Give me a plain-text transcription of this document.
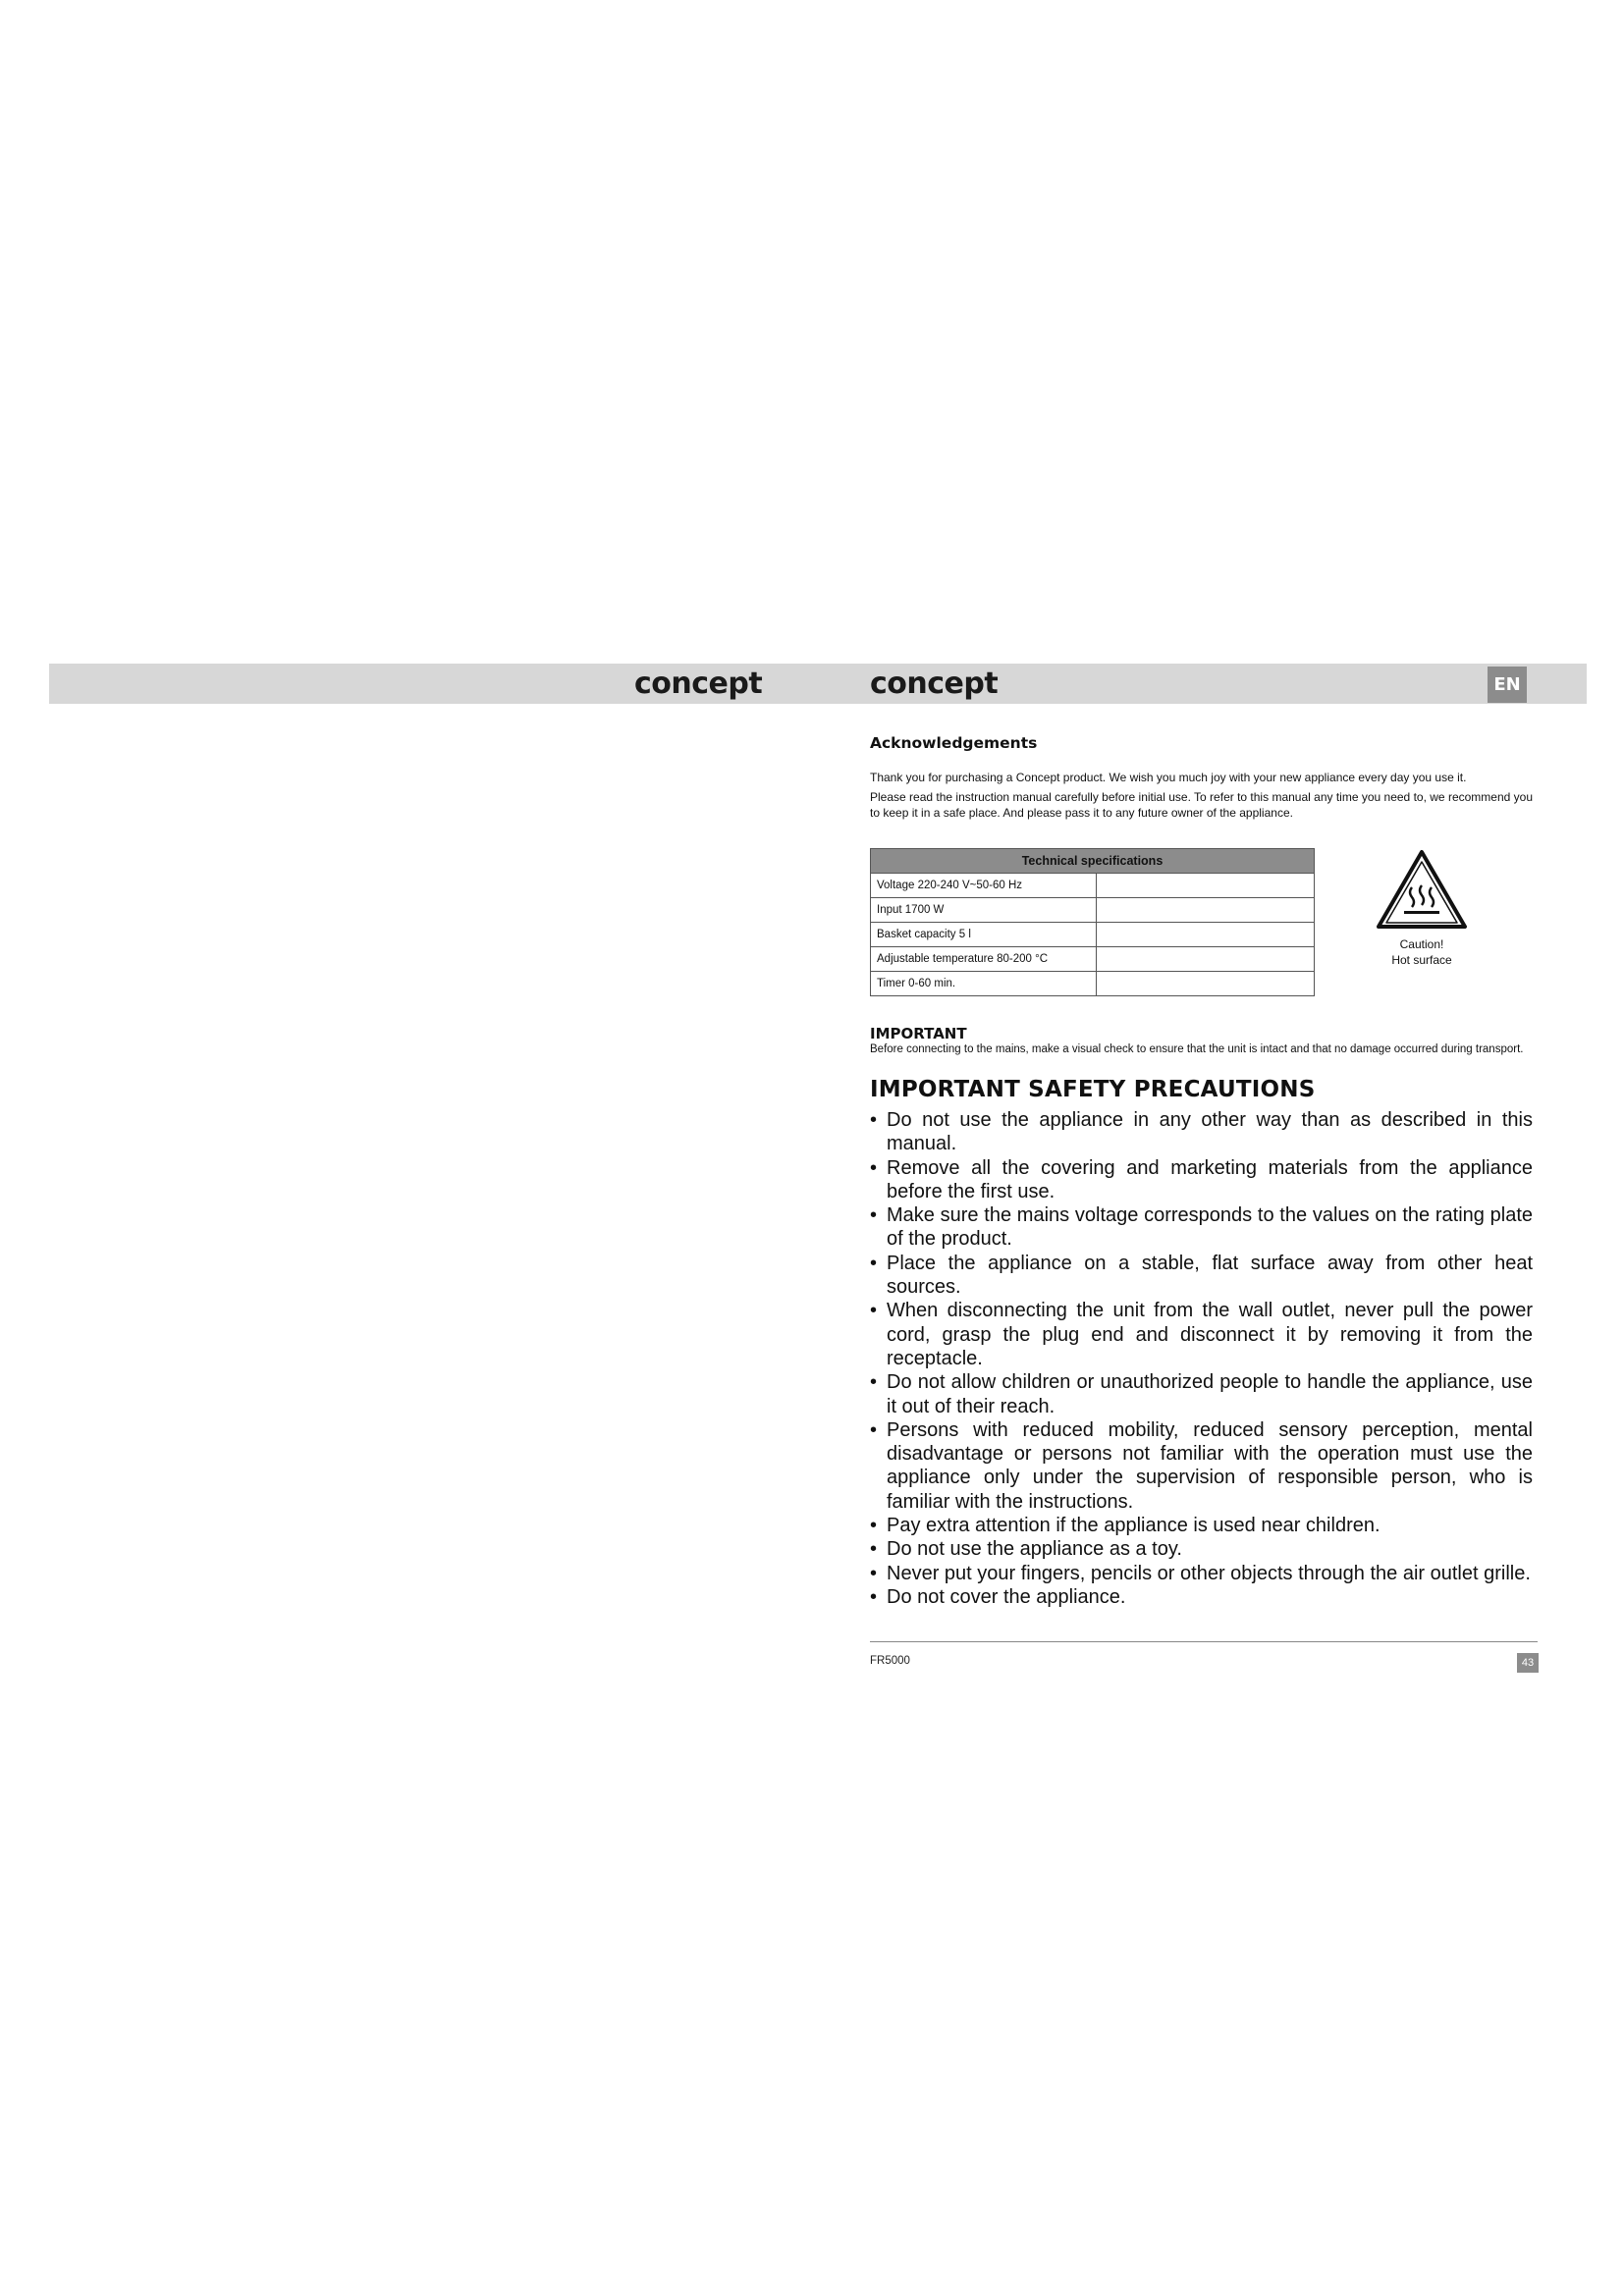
concept	concept	EN

Acknowledgements

Thank you for purchasing a Concept product. We wish you much joy with your new appliance every day you use it.

Please read the instruction manual carefully before initial use. To refer to this manual any time you need to, we recommend you to keep it in a safe place. And please pass it to any future owner of the appliance.

Technical specifications	
Voltage 220-240 V~50-60 Hz	
Input 1700 W	
Basket capacity 5 l	
Adjustable temperature 80-200 °C	
Timer 0-60 min.	
Caution!
Hot surface

IMPORTANT

Before connecting to the mains, make a visual check to ensure that the unit is intact and that no damage occurred during transport.

IMPORTANT SAFETY PRECAUTIONS

• Do not use the appliance in any other way than as described in this manual.
• Remove all the covering and marketing materials from the appliance before the first use.
• Make sure the mains voltage corresponds to the values on the rating plate of the product.
• Place the appliance on a stable, flat surface away from other heat sources.
• When disconnecting the unit from the wall outlet, never pull the power cord, grasp the plug end and disconnect it by removing it from the receptacle.
• Do not allow children or unauthorized people to handle the appliance, use it out of their reach.
• Persons with reduced mobility, reduced sensory perception, mental disadvantage or persons not familiar with the operation must use the appliance only under the supervision of responsible person, who is familiar with the instructions.
• Pay extra attention if the appliance is used near children.
• Do not use the appliance as a toy.
• Never put your fingers, pencils or other objects through the air outlet grille.
• Do not cover the appliance.
FR5000	43
